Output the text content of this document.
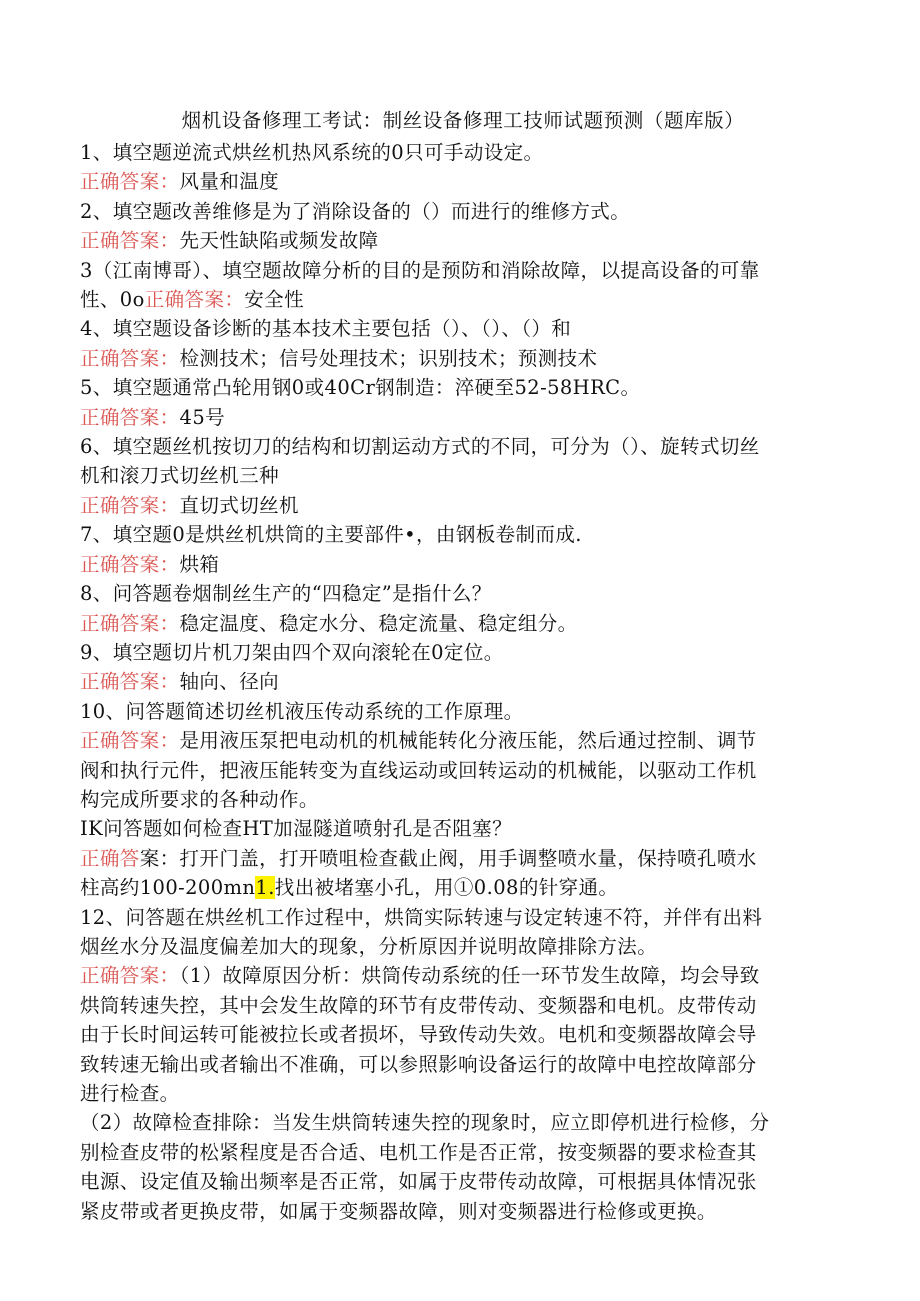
烟机设备修理工考试：制丝设备修理工技师试题预测（题库版）
1、填空题逆流式烘丝机热风系统的0只可手动设定。
正确答案：风量和温度
2、填空题改善维修是为了消除设备的（）而进行的维修方式。
正确答案：先天性缺陷或频发故障
3（江南博哥）、填空题故障分析的目的是预防和消除故障，以提高设备的可靠
性、0o正确答案：安全性
4、填空题设备诊断的基本技术主要包括（）、（）、（）和
正确答案：检测技术；信号处理技术；识别技术；预测技术
5、填空题通常凸轮用钢0或40Cr钢制造：淬硬至52-58HRC。
正确答案：45号
6、填空题丝机按切刀的结构和切割运动方式的不同，可分为（）、旋转式切丝
机和滚刀式切丝机三种
正确答案：直切式切丝机
7、填空题0是烘丝机烘筒的主要部件•，由钢板卷制而成.
正确答案：烘箱
8、问答题卷烟制丝生产的“四稳定”是指什么？
正确答案：稳定温度、稳定水分、稳定流量、稳定组分。
9、填空题切片机刀架由四个双向滚轮在0定位。
正确答案：轴向、径向
10、问答题简述切丝机液压传动系统的工作原理。
正确答案：是用液压泵把电动机的机械能转化分液压能，然后通过控制、调节
阀和执行元件，把液压能转变为直线运动或回转运动的机械能，以驱动工作机
构完成所要求的各种动作。
IK问答题如何检查HT加湿隧道喷射孔是否阻塞？
正确答案：打开门盖，打开喷咀检查截止阀，用手调整喷水量，保持喷孔喷水
柱高约100-200mn1.找出被堵塞小孔，用①0.08的针穿通。
12、问答题在烘丝机工作过程中，烘筒实际转速与设定转速不符，并伴有出料
烟丝水分及温度偏差加大的现象，分析原因并说明故障排除方法。
正确答案：（1）故障原因分析：烘筒传动系统的任一环节发生故障，均会导致
烘筒转速失控，其中会发生故障的环节有皮带传动、变频器和电机。皮带传动
由于长时间运转可能被拉长或者损坏，导致传动失效。电机和变频器故障会导
致转速无输出或者输出不准确，可以参照影响设备运行的故障中电控故障部分
进行检查。
（2）故障检查排除：当发生烘筒转速失控的现象时，应立即停机进行检修，分
别检查皮带的松紧程度是否合适、电机工作是否正常，按变频器的要求检查其
电源、设定值及输出频率是否正常，如属于皮带传动故障，可根据具体情况张
紧皮带或者更换皮带，如属于变频器故障，则对变频器进行检修或更换。
